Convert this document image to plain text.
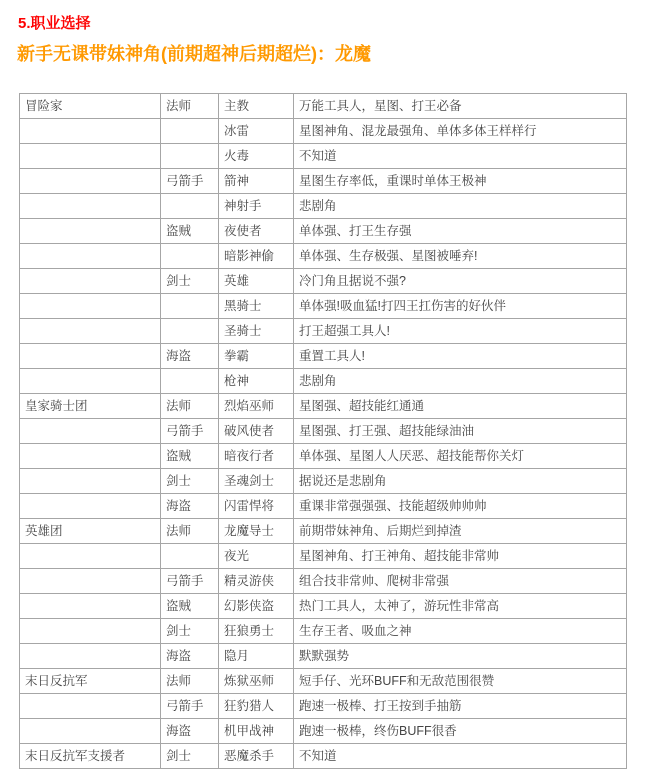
5.职业选择
新手无课带妹神角(前期超神后期超烂)：龙魔
冒险家	法师	主教	万能工具人，星图、打王必备
		冰雷	星图神角、混龙最强角、单体多体王样样行
		火毒	不知道
	弓箭手	箭神	星图生存率低，重课时单体王极神
		神射手	悲剧角
	盗贼	夜使者	单体强、打王生存强
		暗影神偷	单体强、生存极强、星图被唾弃!
	剑士	英雄	冷门角且据说不强?
		黑骑士	单体强!吸血猛!打四王扛伤害的好伙伴
		圣骑士	打王超强工具人!
	海盗	拳霸	重置工具人!
		枪神	悲剧角
皇家骑士团	法师	烈焰巫师	星图强、超技能红通通
	弓箭手	破风使者	星图强、打王强、超技能绿油油
	盗贼	暗夜行者	单体强、星图人人厌恶、超技能帮你关灯
	剑士	圣魂剑士	据说还是悲剧角
	海盗	闪雷悍将	重课非常强强强、技能超级帅帅帅
英雄团	法师	龙魔导士	前期带妹神角、后期烂到掉渣
		夜光	星图神角、打王神角、超技能非常帅
	弓箭手	精灵游侠	组合技非常帅、爬树非常强
	盗贼	幻影侠盗	热门工具人，太神了，游玩性非常高
	剑士	狂狼勇士	生存王者、吸血之神
	海盗	隐月	默默强势
末日反抗军	法师	炼狱巫师	短手仔、光环BUFF和无敌范围很赞
	弓箭手	狂豹猎人	跑速一极棒、打王按到手抽筋
	海盗	机甲战神	跑速一极棒，终伤BUFF很香
末日反抗军支援者	剑士	恶魔杀手	不知道
